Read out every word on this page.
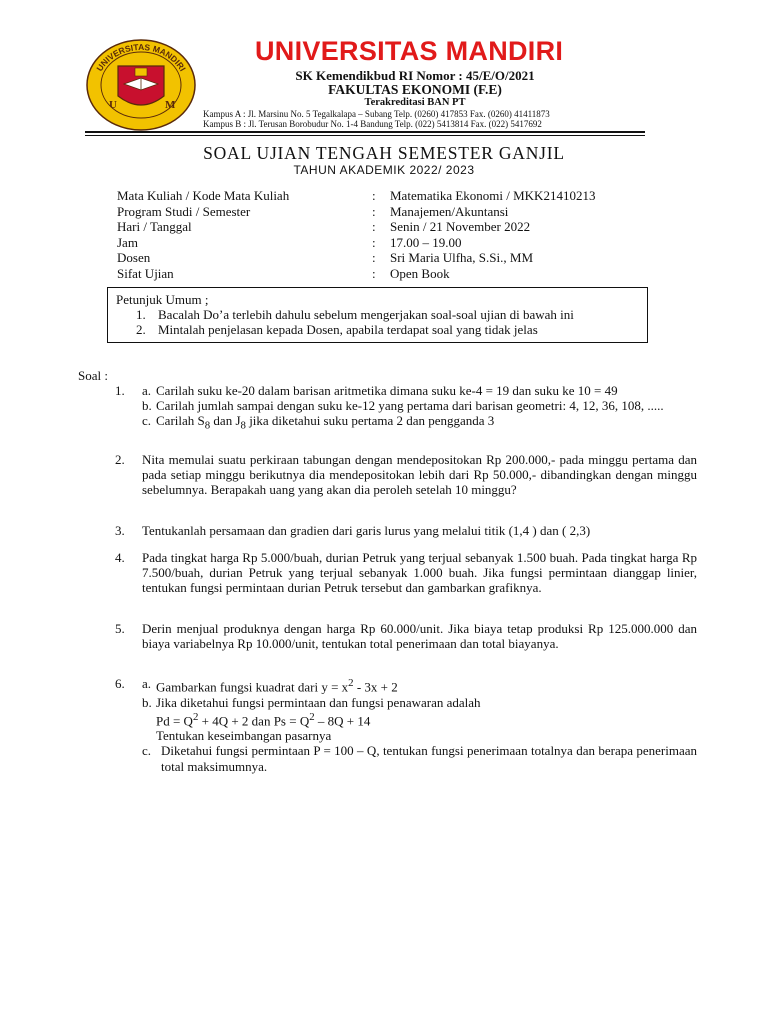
UNIVERSITAS MANDIRI
U	M
UNIVERSITAS MANDIRI
SK Kemendikbud RI Nomor : 45/E/O/2021
FAKULTAS EKONOMI (F.E)
Terakreditasi BAN PT
Kampus A : Jl. Marsinu No. 5 Tegalkalapa – Subang Telp. (0260) 417853 Fax. (0260) 41411873
Kampus B : Jl. Terusan Borobudur No. 1-4 Bandung Telp. (022) 5413814 Fax. (022) 5417692
SOAL UJIAN TENGAH SEMESTER GANJIL
TAHUN AKADEMIK 2022/ 2023
Mata Kuliah / Kode Mata Kuliah	:	Matematika Ekonomi / MKK21410213
Program Studi / Semester	:	Manajemen/Akuntansi
Hari / Tanggal	:	Senin / 21 November 2022
Jam	:	17.00 – 19.00
Dosen	:	Sri Maria Ulfha, S.Si., MM
Sifat Ujian	:	Open Book
Petunjuk Umum ;
1. Bacalah Do’a terlebih dahulu sebelum mengerjakan soal-soal ujian di bawah ini
2. Mintalah penjelasan kepada Dosen, apabila terdapat soal yang tidak jelas
Soal :
1.	a. Carilah suku ke-20 dalam barisan aritmetika dimana suku ke-4 = 19 dan suku ke 10 = 49
b. Carilah jumlah sampai dengan suku ke-12 yang pertama dari barisan geometri: 4, 12, 36, 108, .....
c. Carilah $S_8$ dan $J_8$ jika diketahui suku pertama 2 dan pengganda 3
2.	Nita memulai suatu perkiraan tabungan dengan mendepositokan Rp 200.000,- pada minggu pertama dan pada setiap minggu berikutnya dia mendepositokan lebih dari Rp 50.000,- dibandingkan dengan minggu sebelumnya. Berapakah uang yang akan dia peroleh setelah 10 minggu?
3.	Tentukanlah persamaan dan gradien dari garis lurus yang melalui titik (1,4 ) dan ( 2,3)
4.	Pada tingkat harga Rp 5.000/buah, durian Petruk yang terjual sebanyak 1.500 buah. Pada tingkat harga Rp 7.500/buah, durian Petruk yang terjual sebanyak 1.000 buah. Jika fungsi permintaan dianggap linier, tentukan fungsi permintaan durian Petruk tersebut dan gambarkan grafiknya.
5.	Derin menjual produknya dengan harga Rp 60.000/unit. Jika biaya tetap produksi Rp 125.000.000 dan biaya variabelnya Rp 10.000/unit, tentukan total penerimaan dan total biayanya.
6.	a. Gambarkan fungsi kuadrat dari $y = x^2 - 3x + 2$
b. Jika diketahui fungsi permintaan dan fungsi penawaran adalah
$Pd = Q^2 + 4Q + 2$ dan $Ps = Q^2 - 8Q + 14$
Tentukan keseimbangan pasarnya
c. Diketahui fungsi permintaan P = 100 – Q, tentukan fungsi penerimaan totalnya dan berapa penerimaan total maksimumnya.
